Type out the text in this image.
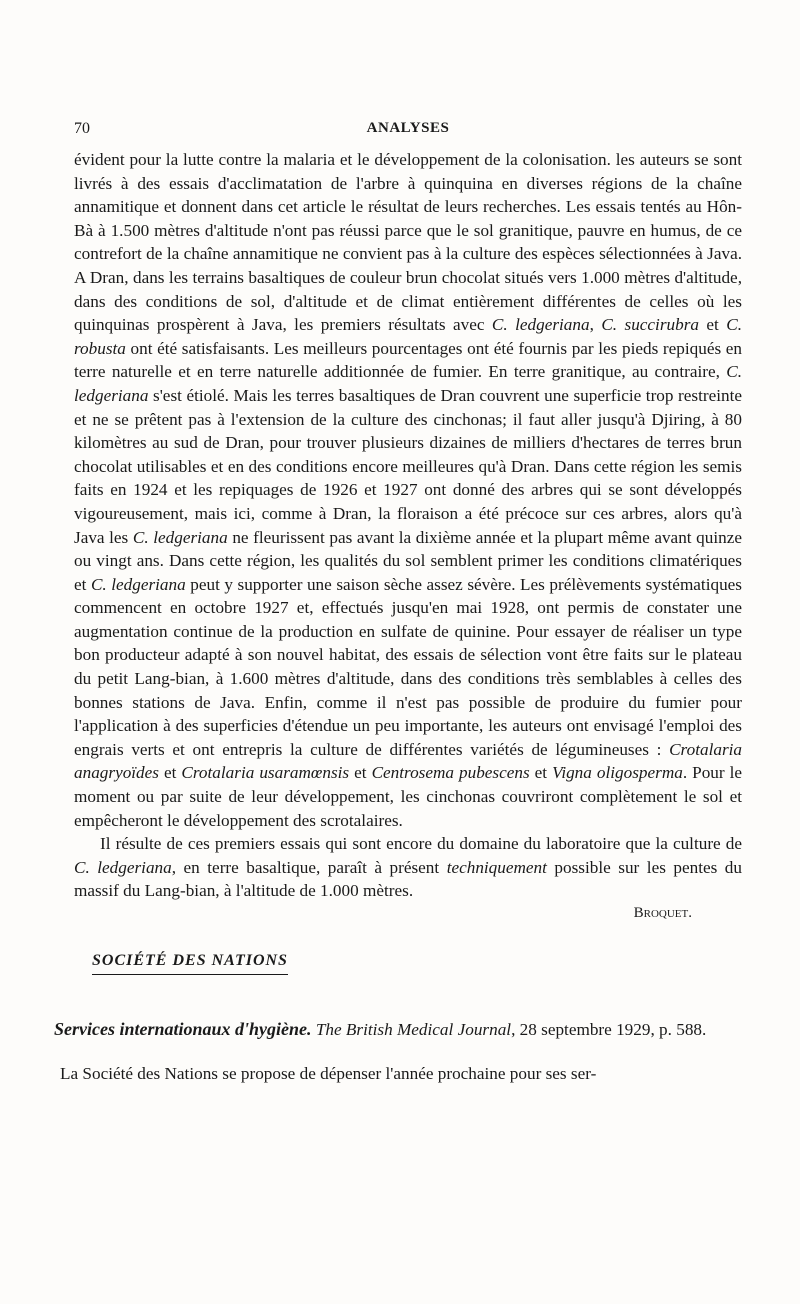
70	ANALYSES

évident pour la lutte contre la malaria et le développement de la colonisation. les auteurs se sont livrés à des essais d'acclimatation de l'arbre à quinquina en diverses régions de la chaîne annamitique et donnent dans cet article le résultat de leurs recherches. Les essais tentés au Hôn-Bà à 1.500 mètres d'altitude n'ont pas réussi parce que le sol granitique, pauvre en humus, de ce contrefort de la chaîne annamitique ne convient pas à la culture des espèces sélectionnées à Java. A Dran, dans les terrains basaltiques de couleur brun chocolat situés vers 1.000 mètres d'altitude, dans des conditions de sol, d'altitude et de climat entièrement différentes de celles où les quinquinas prospèrent à Java, les premiers résultats avec C. ledgeriana, C. succirubra et C. robusta ont été satisfaisants. Les meilleurs pourcentages ont été fournis par les pieds repiqués en terre naturelle et en terre naturelle additionnée de fumier. En terre granitique, au contraire, C. ledgeriana s'est étiolé. Mais les terres basaltiques de Dran couvrent une superficie trop restreinte et ne se prêtent pas à l'extension de la culture des cinchonas; il faut aller jusqu'à Djiring, à 80 kilomètres au sud de Dran, pour trouver plusieurs dizaines de milliers d'hectares de terres brun chocolat utilisables et en des conditions encore meilleures qu'à Dran. Dans cette région les semis faits en 1924 et les repiquages de 1926 et 1927 ont donné des arbres qui se sont développés vigoureusement, mais ici, comme à Dran, la floraison a été précoce sur ces arbres, alors qu'à Java les C. ledgeriana ne fleurissent pas avant la dixième année et la plupart même avant quinze ou vingt ans. Dans cette région, les qualités du sol semblent primer les conditions climatériques et C. ledgeriana peut y supporter une saison sèche assez sévère. Les prélèvements systématiques commencent en octobre 1927 et, effectués jusqu'en mai 1928, ont permis de constater une augmentation continue de la production en sulfate de quinine. Pour essayer de réaliser un type bon producteur adapté à son nouvel habitat, des essais de sélection vont être faits sur le plateau du petit Lang-bian, à 1.600 mètres d'altitude, dans des conditions très semblables à celles des bonnes stations de Java. Enfin, comme il n'est pas possible de produire du fumier pour l'application à des superficies d'étendue un peu importante, les auteurs ont envisagé l'emploi des engrais verts et ont entrepris la culture de différentes variétés de légumineuses : Crotalaria anagryoïdes et Crotalaria usaramœnsis et Centrosema pubescens et Vigna oligosperma. Pour le moment ou par suite de leur développement, les cinchonas couvriront complètement le sol et empêcheront le développement des scrotalaires.

Il résulte de ces premiers essais qui sont encore du domaine du laboratoire que la culture de C. ledgeriana, en terre basaltique, paraît à présent techniquement possible sur les pentes du massif du Lang-bian, à l'altitude de 1.000 mètres.

Broquet.
SOCIÉTÉ DES NATIONS

Services internationaux d'hygiène. The British Medical Journal, 28 septembre 1929, p. 588.

La Société des Nations se propose de dépenser l'année prochaine pour ses ser-
